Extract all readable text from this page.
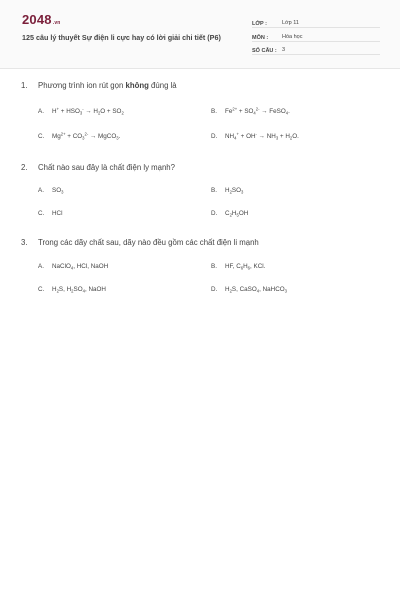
2048.vn
125 câu lý thuyết Sự điện li cực hay có lời giải chi tiết (P6)
LỚP :	Lớp 11
MÔN :	Hóa học
SỐ CÂU : 3
1. Phương trình ion rút gọn không đúng là
A. $H^+ + HSO_3^- \to H_2O + SO_2$	B. $Fe^{2+} + SO_4^{2-}$ → FeSO$_4$.
C. $Mg^{2+} + CO_3^{2-}$ → MgCO$_3$.	D. $NH_4^+ + OH^- \to NH_3 + H_2O$.
2. Chất nào sau đây là chất điện ly mạnh?
A. $SO_3$	B. $H_2SO_3$
C. HCl	D. $C_2H_5OH$
3. Trong các dãy chất sau, dãy nào đều gồm các chất điện li mạnh
A. NaClO$_4$, HCl, NaOH	B. HF, $C_6H_6$, KCl.
C. $H_2S$, $H_2SO_4$, NaOH	D. $H_2S$, CaSO$_4$, NaHCO$_3$
